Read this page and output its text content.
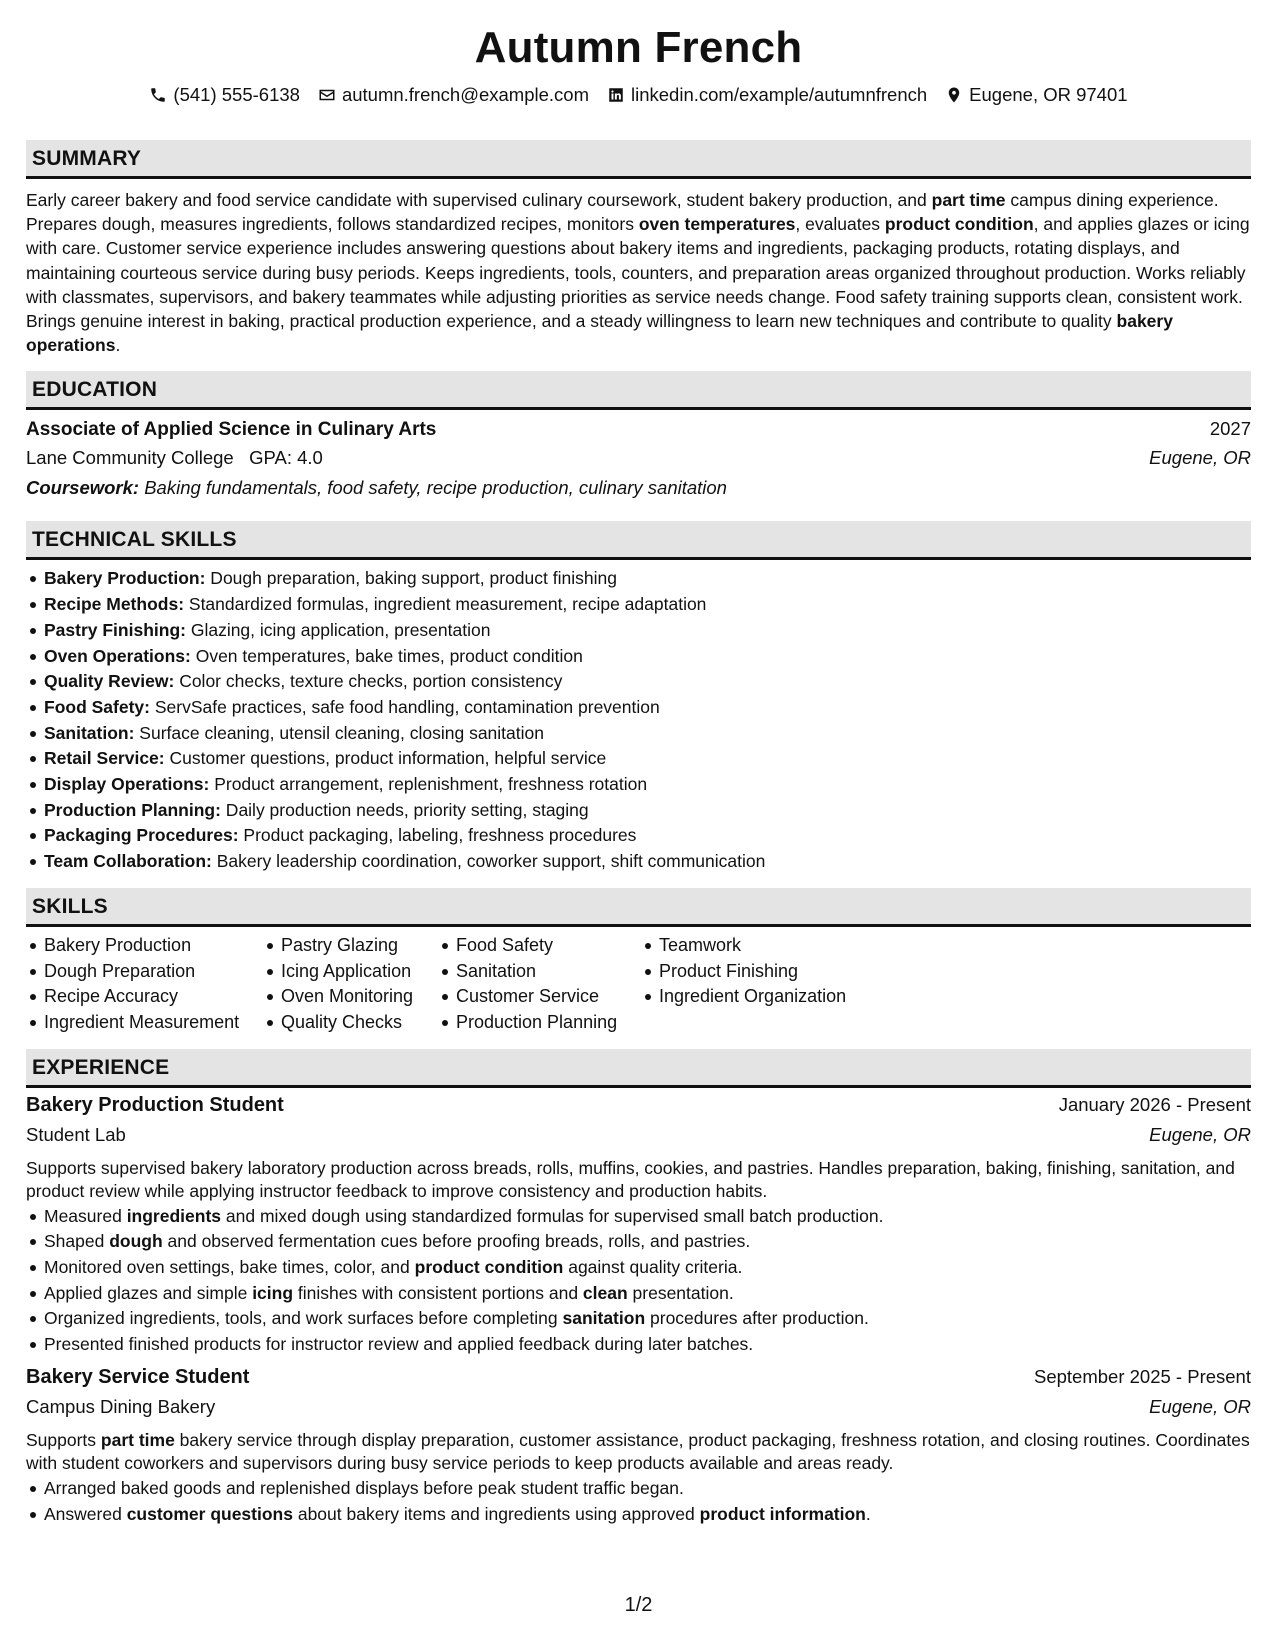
Autumn French
(541) 555-6138 autumn.french@example.com linkedin.com/example/autumnfrench Eugene, OR 97401
SUMMARY
Early career bakery and food service candidate with supervised culinary coursework, student bakery production, and part time campus dining experience. Prepares dough, measures ingredients, follows standardized recipes, monitors oven temperatures, evaluates product condition, and applies glazes or icing with care. Customer service experience includes answering questions about bakery items and ingredients, packaging products, rotating displays, and maintaining courteous service during busy periods. Keeps ingredients, tools, counters, and preparation areas organized throughout production. Works reliably with classmates, supervisors, and bakery teammates while adjusting priorities as service needs change. Food safety training supports clean, consistent work. Brings genuine interest in baking, practical production experience, and a steady willingness to learn new techniques and contribute to quality bakery operations.
EDUCATION
Associate of Applied Science in Culinary Arts	2027
Lane Community College GPA: 4.0	Eugene, OR
Coursework: Baking fundamentals, food safety, recipe production, culinary sanitation
TECHNICAL SKILLS
Bakery Production: Dough preparation, baking support, product finishing
Recipe Methods: Standardized formulas, ingredient measurement, recipe adaptation
Pastry Finishing: Glazing, icing application, presentation
Oven Operations: Oven temperatures, bake times, product condition
Quality Review: Color checks, texture checks, portion consistency
Food Safety: ServSafe practices, safe food handling, contamination prevention
Sanitation: Surface cleaning, utensil cleaning, closing sanitation
Retail Service: Customer questions, product information, helpful service
Display Operations: Product arrangement, replenishment, freshness rotation
Production Planning: Daily production needs, priority setting, staging
Packaging Procedures: Product packaging, labeling, freshness procedures
Team Collaboration: Bakery leadership coordination, coworker support, shift communication
SKILLS
Bakery Production
Dough Preparation
Recipe Accuracy
Ingredient Measurement
Pastry Glazing
Icing Application
Oven Monitoring
Quality Checks
Food Safety
Sanitation
Customer Service
Production Planning
Teamwork
Product Finishing
Ingredient Organization
EXPERIENCE
Bakery Production Student	January 2026 - Present
Student Lab	Eugene, OR
Supports supervised bakery laboratory production across breads, rolls, muffins, cookies, and pastries. Handles preparation, baking, finishing, sanitation, and product review while applying instructor feedback to improve consistency and production habits.
Measured ingredients and mixed dough using standardized formulas for supervised small batch production.
Shaped dough and observed fermentation cues before proofing breads, rolls, and pastries.
Monitored oven settings, bake times, color, and product condition against quality criteria.
Applied glazes and simple icing finishes with consistent portions and clean presentation.
Organized ingredients, tools, and work surfaces before completing sanitation procedures after production.
Presented finished products for instructor review and applied feedback during later batches.
Bakery Service Student	September 2025 - Present
Campus Dining Bakery	Eugene, OR
Supports part time bakery service through display preparation, customer assistance, product packaging, freshness rotation, and closing routines. Coordinates with student coworkers and supervisors during busy service periods to keep products available and areas ready.
Arranged baked goods and replenished displays before peak student traffic began.
Answered customer questions about bakery items and ingredients using approved product information.
1/2
